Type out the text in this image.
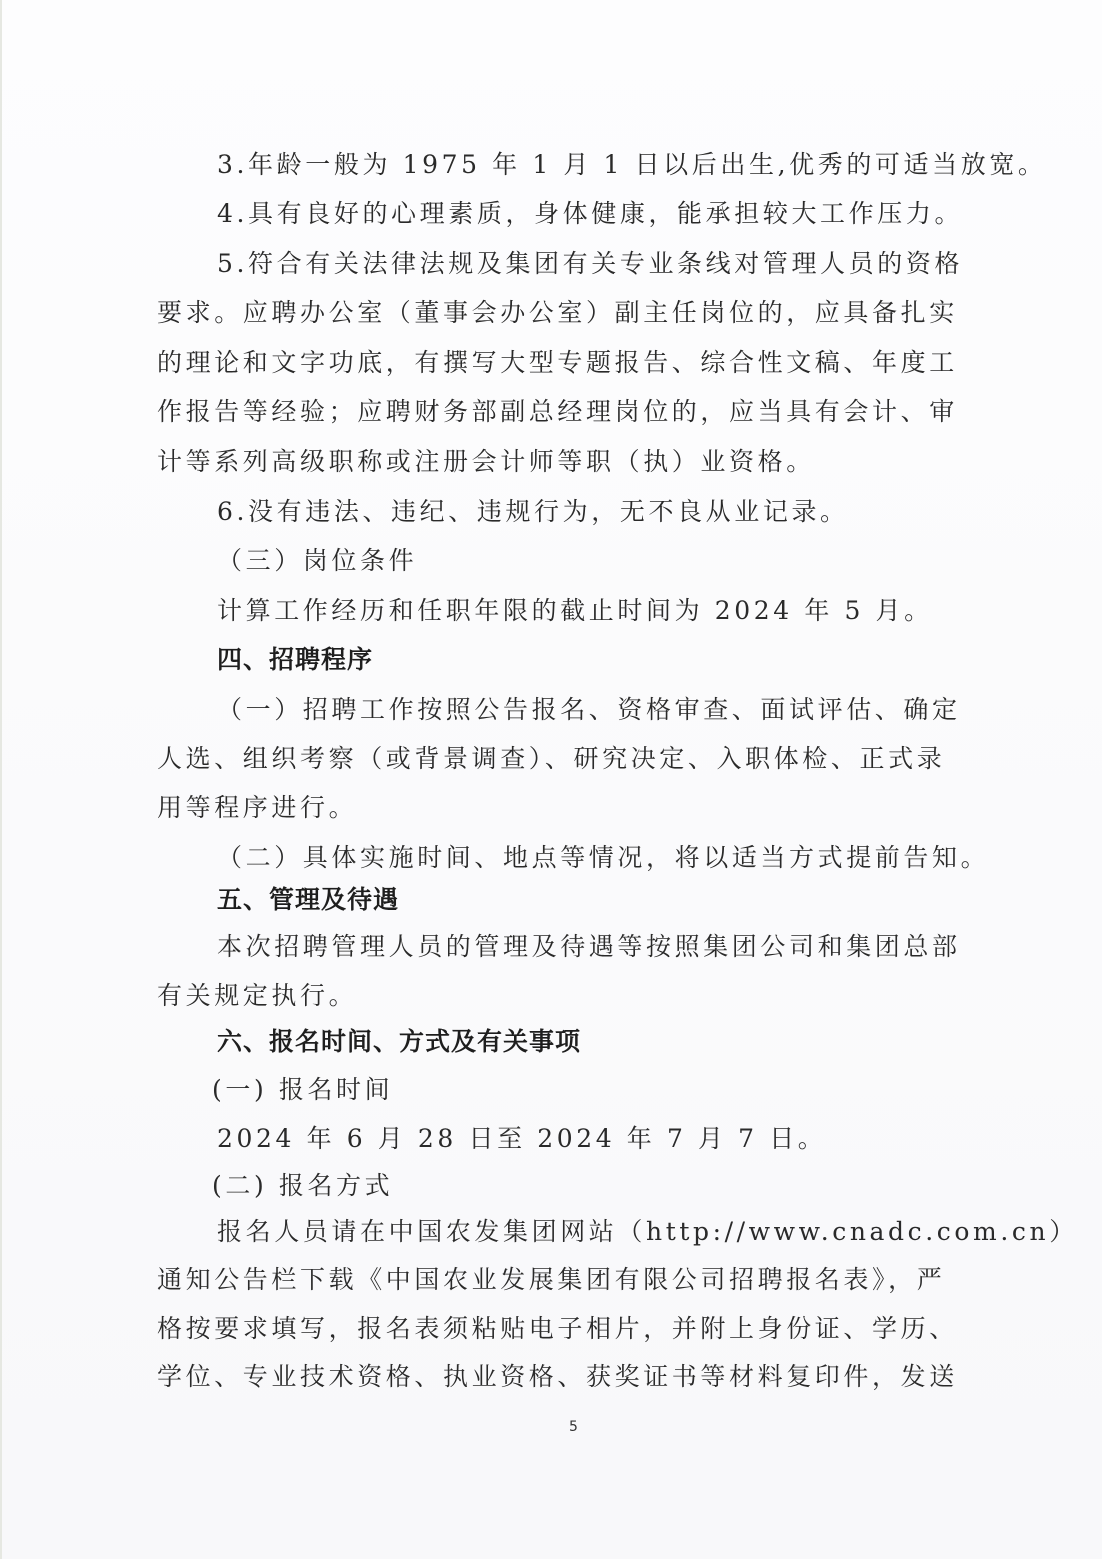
3.年龄一般为 1975 年 1 月 1 日以后出生,优秀的可适当放宽。
4.具有良好的心理素质，身体健康，能承担较大工作压力。
5.符合有关法律法规及集团有关专业条线对管理人员的资格
要求。应聘办公室（董事会办公室）副主任岗位的，应具备扎实
的理论和文字功底，有撰写大型专题报告、综合性文稿、年度工
作报告等经验；应聘财务部副总经理岗位的，应当具有会计、审
计等系列高级职称或注册会计师等职（执）业资格。
6.没有违法、违纪、违规行为，无不良从业记录。
（三）岗位条件
计算工作经历和任职年限的截止时间为 2024 年 5 月。
四、招聘程序
（一）招聘工作按照公告报名、资格审查、面试评估、确定
人选、组织考察（或背景调查）、研究决定、入职体检、正式录
用等程序进行。
（二）具体实施时间、地点等情况，将以适当方式提前告知。
五、管理及待遇
本次招聘管理人员的管理及待遇等按照集团公司和集团总部
有关规定执行。
六、报名时间、方式及有关事项
(一) 报名时间
2024 年 6 月 28 日至 2024 年 7 月 7 日。
(二) 报名方式
报名人员请在中国农发集团网站（http://www.cnadc.com.cn）
通知公告栏下载《中国农业发展集团有限公司招聘报名表》，严
格按要求填写，报名表须粘贴电子相片，并附上身份证、学历、
学位、专业技术资格、执业资格、获奖证书等材料复印件，发送
5
